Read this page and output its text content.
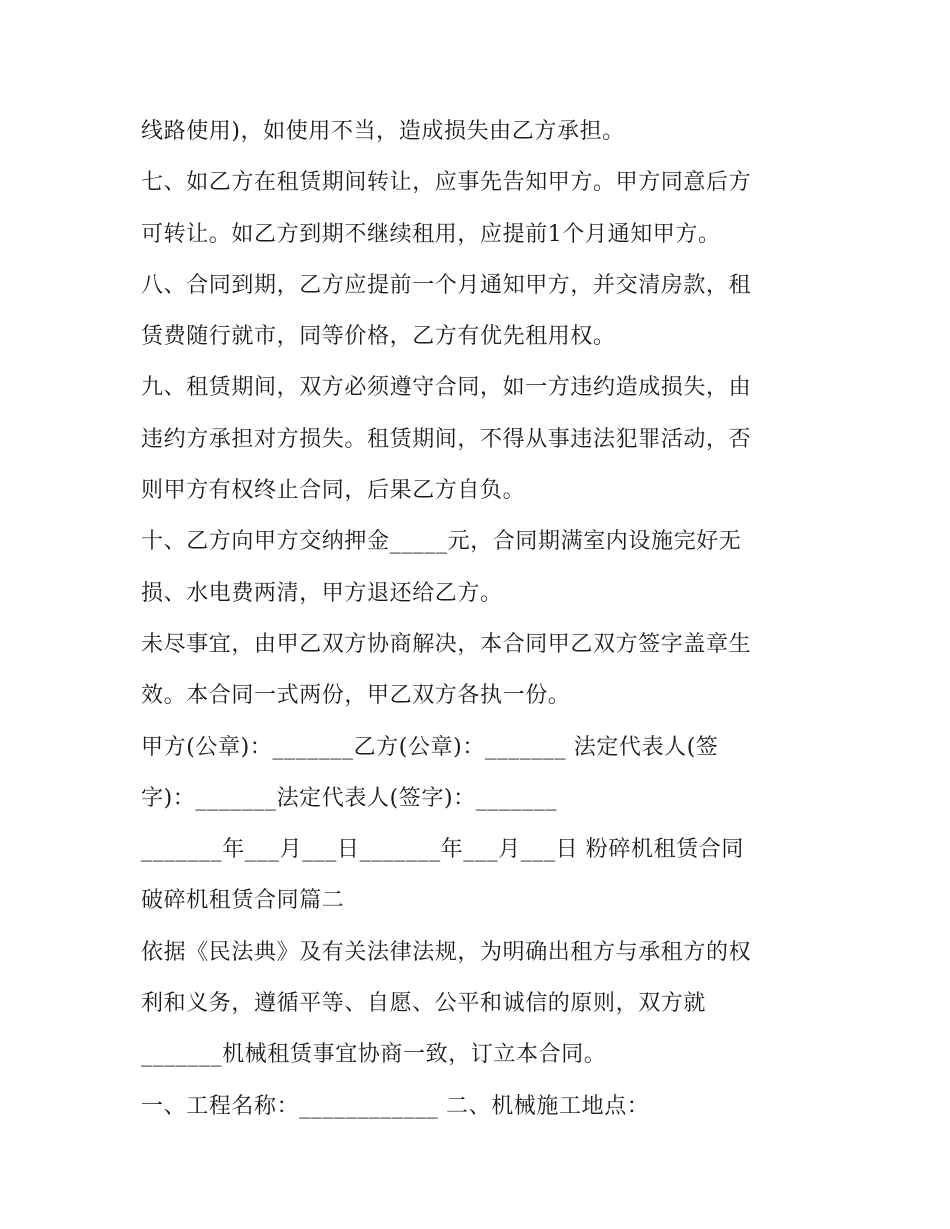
线路使用)，如使用不当，造成损失由乙方承担。
七、如乙方在租赁期间转让，应事先告知甲方。甲方同意后方
可转让。如乙方到期不继续租用，应提前1个月通知甲方。
八、合同到期，乙方应提前一个月通知甲方，并交清房款，租
赁费随行就市，同等价格，乙方有优先租用权。
九、租赁期间，双方必须遵守合同，如一方违约造成损失，由
违约方承担对方损失。租赁期间，不得从事违法犯罪活动，否
则甲方有权终止合同，后果乙方自负。
十、乙方向甲方交纳押金_____元，合同期满室内设施完好无
损、水电费两清，甲方退还给乙方。
未尽事宜，由甲乙双方协商解决，本合同甲乙双方签字盖章生
效。本合同一式两份，甲乙双方各执一份。
甲方(公章)：_______乙方(公章)：_______ 法定代表人(签
字)：_______法定代表人(签字)：_______
_______年___月___日_______年___月___日 粉碎机租赁合同
破碎机租赁合同篇二
依据《民法典》及有关法律法规，为明确出租方与承租方的权
利和义务，遵循平等、自愿、公平和诚信的原则，双方就
_______机械租赁事宜协商一致，订立本合同。
一、工程名称：____________ 二、机械施工地点：
